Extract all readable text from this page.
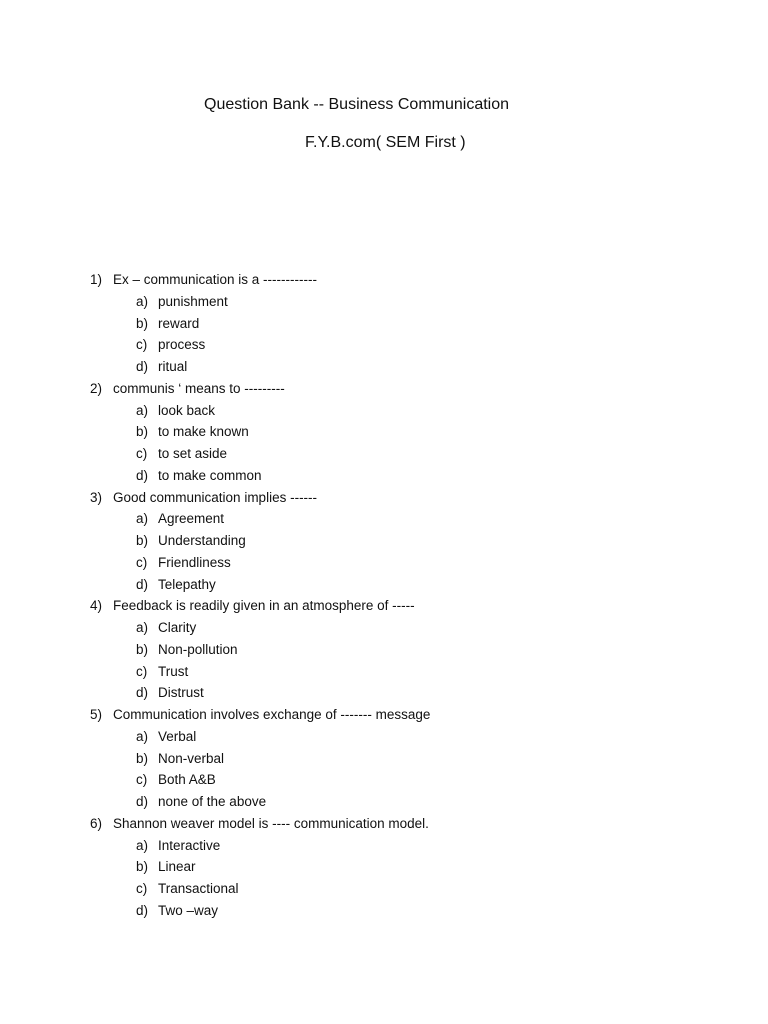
Question Bank -- Business Communication
F.Y.B.com( SEM First )
1) Ex – communication is a ------------
a) punishment
b) reward
c) process
d) ritual
2) communis ‘ means to ---------
a) look back
b) to make known
c) to set aside
d) to make common
3) Good communication implies ------
a) Agreement
b) Understanding
c) Friendliness
d) Telepathy
4) Feedback is readily given in an atmosphere of -----
a) Clarity
b) Non-pollution
c) Trust
d) Distrust
5) Communication involves exchange of ------- message
a) Verbal
b) Non-verbal
c) Both A&B
d) none of the above
6) Shannon weaver model is ---- communication model.
a) Interactive
b) Linear
c) Transactional
d) Two –way
